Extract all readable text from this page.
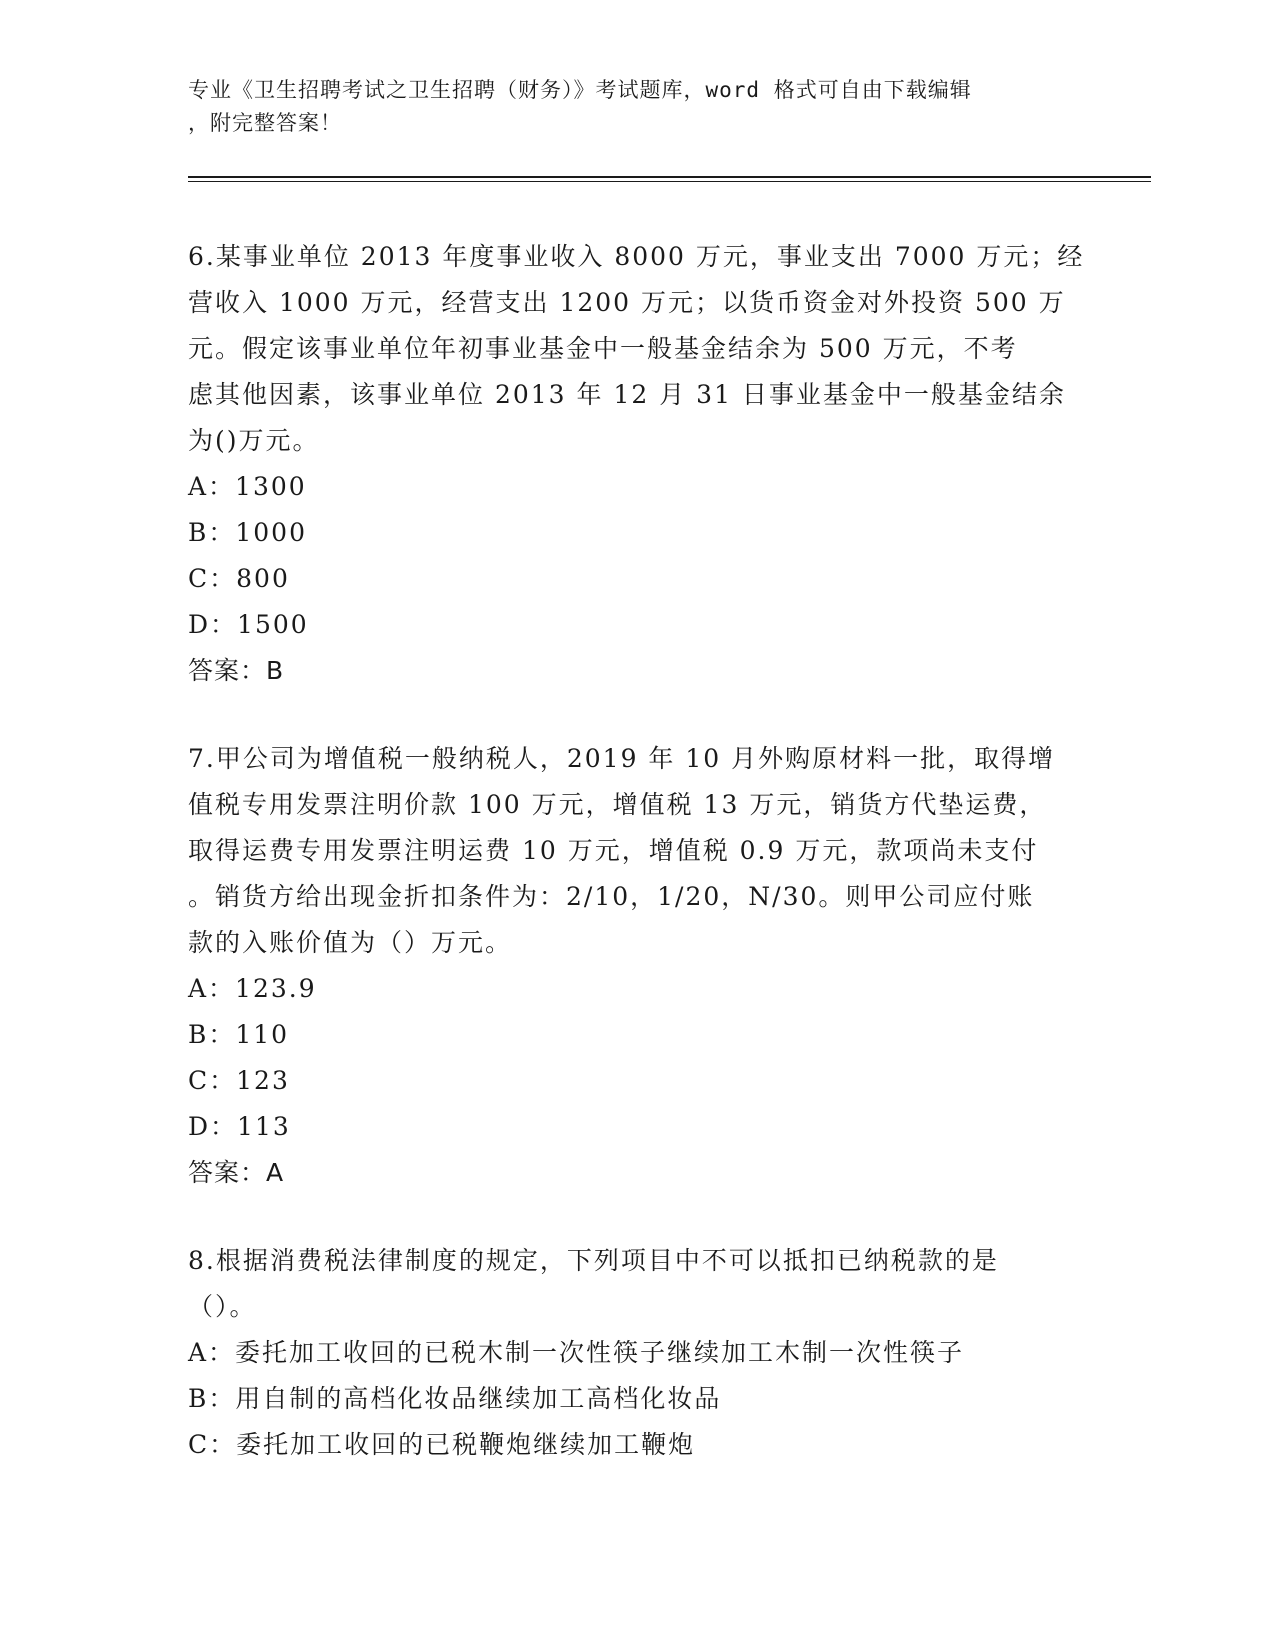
专业《卫生招聘考试之卫生招聘（财务）》考试题库，word 格式可自由下载编辑
，附完整答案！

6.某事业单位 2013 年度事业收入 8000 万元，事业支出 7000 万元；经

营收入 1000 万元，经营支出 1200 万元；以货币资金对外投资 500 万

元。假定该事业单位年初事业基金中一般基金结余为 500 万元，不考

虑其他因素，该事业单位 2013 年 12 月 31 日事业基金中一般基金结余

为()万元。

A：1300

B：1000

C：800

D：1500

答案：B

7.甲公司为增值税一般纳税人，2019 年 10 月外购原材料一批，取得增

值税专用发票注明价款 100 万元，增值税 13 万元，销货方代垫运费，

取得运费专用发票注明运费 10 万元，增值税 0.9 万元，款项尚未支付

。销货方给出现金折扣条件为：2/10，1/20，N/30。则甲公司应付账

款的入账价值为（）万元。

A：123.9

B：110

C：123

D：113

答案：A

8.根据消费税法律制度的规定，下列项目中不可以抵扣已纳税款的是

（）。

A：委托加工收回的已税木制一次性筷子继续加工木制一次性筷子

B：用自制的高档化妆品继续加工高档化妆品

C：委托加工收回的已税鞭炮继续加工鞭炮
